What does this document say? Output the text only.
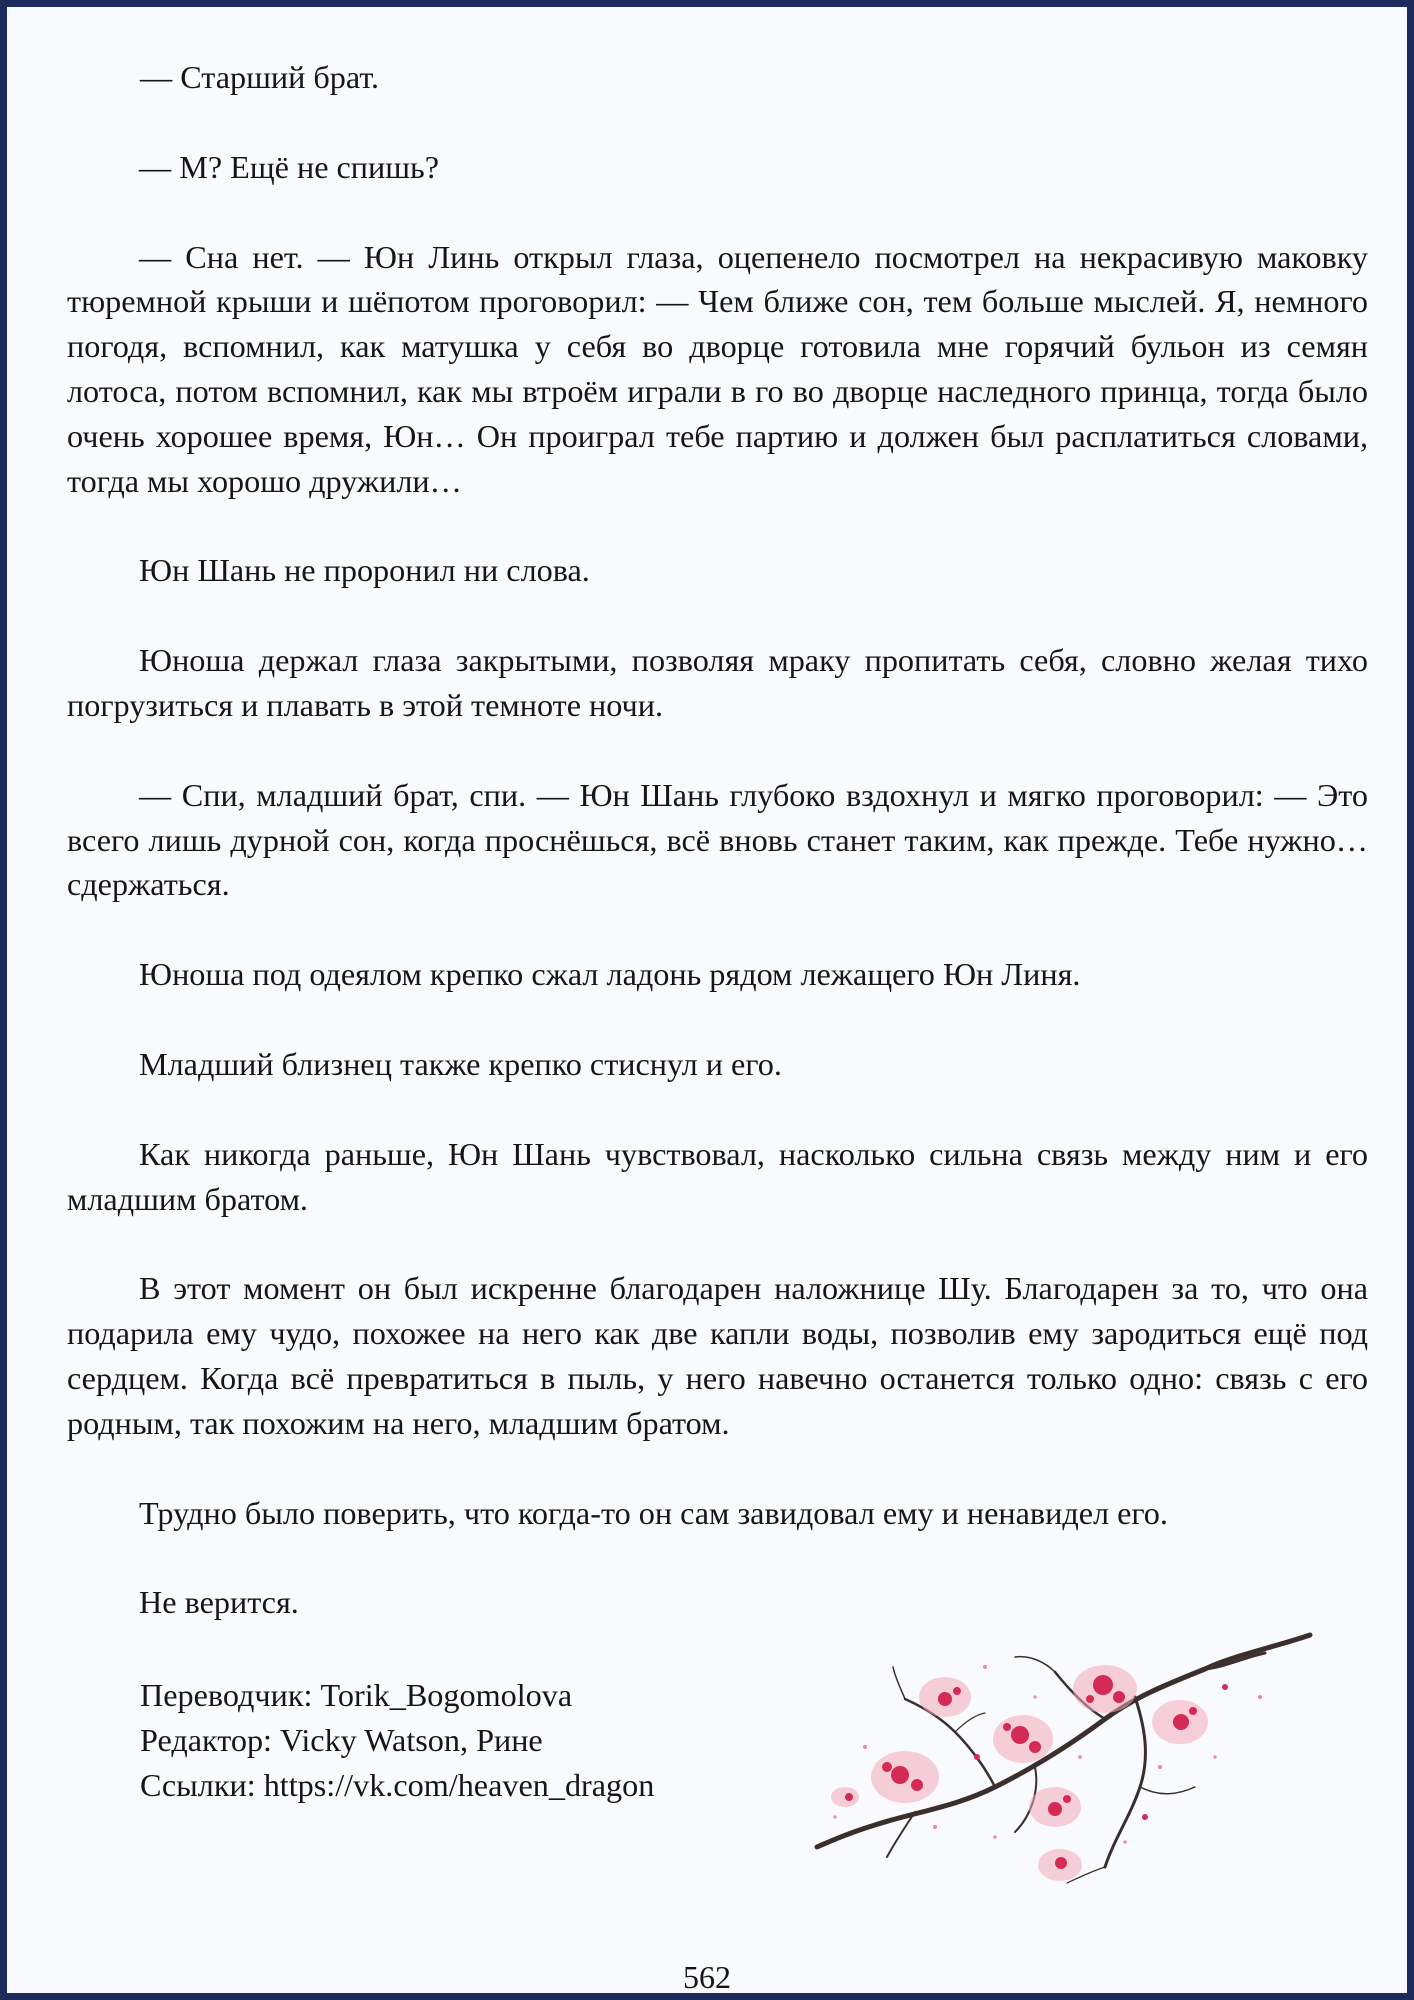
— Старший брат.

— М? Ещё не спишь?

— Сна нет. — Юн Линь открыл глаза, оцепенело посмотрел на некрасивую маковку тюремной крыши и шёпотом проговорил: — Чем ближе сон, тем больше мыслей. Я, немного погодя, вспомнил, как матушка у себя во дворце готовила мне горячий бульон из семян лотоса, потом вспомнил, как мы втроём играли в го во дворце наследного принца, тогда было очень хорошее время, Юн… Он проиграл тебе партию и должен был расплатиться словами, тогда мы хорошо дружили…

Юн Шань не проронил ни слова.

Юноша держал глаза закрытыми, позволяя мраку пропитать себя, словно желая тихо погрузиться и плавать в этой темноте ночи.

— Спи, младший брат, спи. — Юн Шань глубоко вздохнул и мягко проговорил: — Это всего лишь дурной сон, когда проснёшься, всё вновь станет таким, как прежде. Тебе нужно… сдержаться.

Юноша под одеялом крепко сжал ладонь рядом лежащего Юн Линя.

Младший близнец также крепко стиснул и его.

Как никогда раньше, Юн Шань чувствовал, насколько сильна связь между ним и его младшим братом.

В этот момент он был искренне благодарен наложнице Шу. Благодарен за то, что она подарила ему чудо, похожее на него как две капли воды, позволив ему зародиться ещё под сердцем. Когда всё превратиться в пыль, у него навечно останется только одно: связь с его родным, так похожим на него, младшим братом.

Трудно было поверить, что когда-то он сам завидовал ему и ненавидел его.

Не верится.

Переводчик: Torik_Bogomolova
Редактор: Vicky Watson, Рине
Ссылки: https://vk.com/heaven_dragon
562
